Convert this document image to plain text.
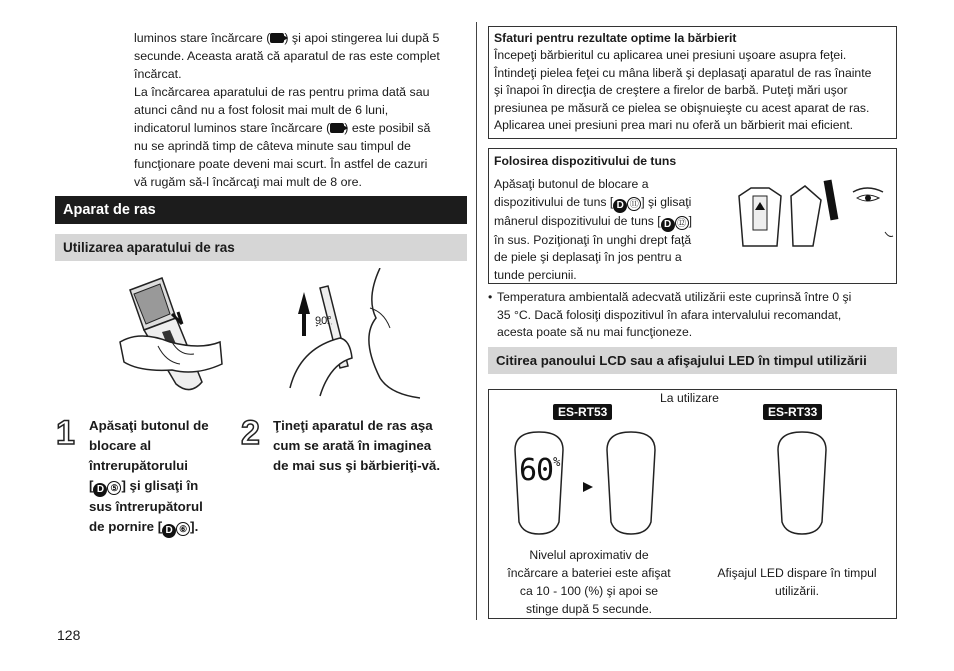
luminos stare încărcare ( ) şi apoi stingerea lui după 5

secunde. Aceasta arată că aparatul de ras este complet

încărcat.

La încărcarea aparatului de ras pentru prima dată sau

atunci când nu a fost folosit mai mult de 6 luni,

indicatorul luminos stare încărcare ( ) este posibil să

nu se aprindă timp de câteva minute sau timpul de

funcţionare poate deveni mai scurt. În astfel de cazuri

vă rugăm să-l încărcaţi mai mult de 8 ore.

Aparat de ras
Utilizarea aparatului de ras
90°
1 Apăsaţi butonul de
blocare al
întrerupătorului
[ D ⑤ ] şi glisaţi în
sus întrerupătorul
de pornire [ D ⑥ ].
2 Ţineţi aparatul de ras aşa
cum se arată în imaginea
de mai sus şi bărbieriţi-vă.
128
Sfaturi pentru rezultate optime la bărbierit
Începeţi bărbieritul cu aplicarea unei presiuni uşoare asupra feţei.
Întindeţi pielea feţei cu mâna liberă şi deplasaţi aparatul de ras înainte
şi înapoi în direcţia de creştere a firelor de barbă. Puteţi mări uşor
presiunea pe măsură ce pielea se obişnuieşte cu acest aparat de ras.
Aplicarea unei presiuni prea mari nu oferă un bărbierit mai eficient.
Folosirea dispozitivului de tuns
Apăsaţi butonul de blocare a
dispozitivului de tuns [ D ⑪ ] şi glisaţi
mânerul dispozitivului de tuns [ D ⑫ ]
în sus. Poziţionaţi în unghi drept faţă
de piele şi deplasaţi în jos pentru a
tunde perciunii.
• Temperatura ambientală adecvată utilizării este cuprinsă între 0 şi
35 °C. Dacă folosiţi dispozitivul în afara intervalului recomandat,
acesta poate să nu mai funcţioneze.
Citirea panoului LCD sau a afişajului LED în timpul utilizării
La utilizare
ES-RT53	ES-RT33
60%
Nivelul aproximativ de
încărcare a bateriei este afişat
ca 10 - 100 (%) şi apoi se
stinge după 5 secunde.
Afişajul LED dispare în timpul
utilizării.
